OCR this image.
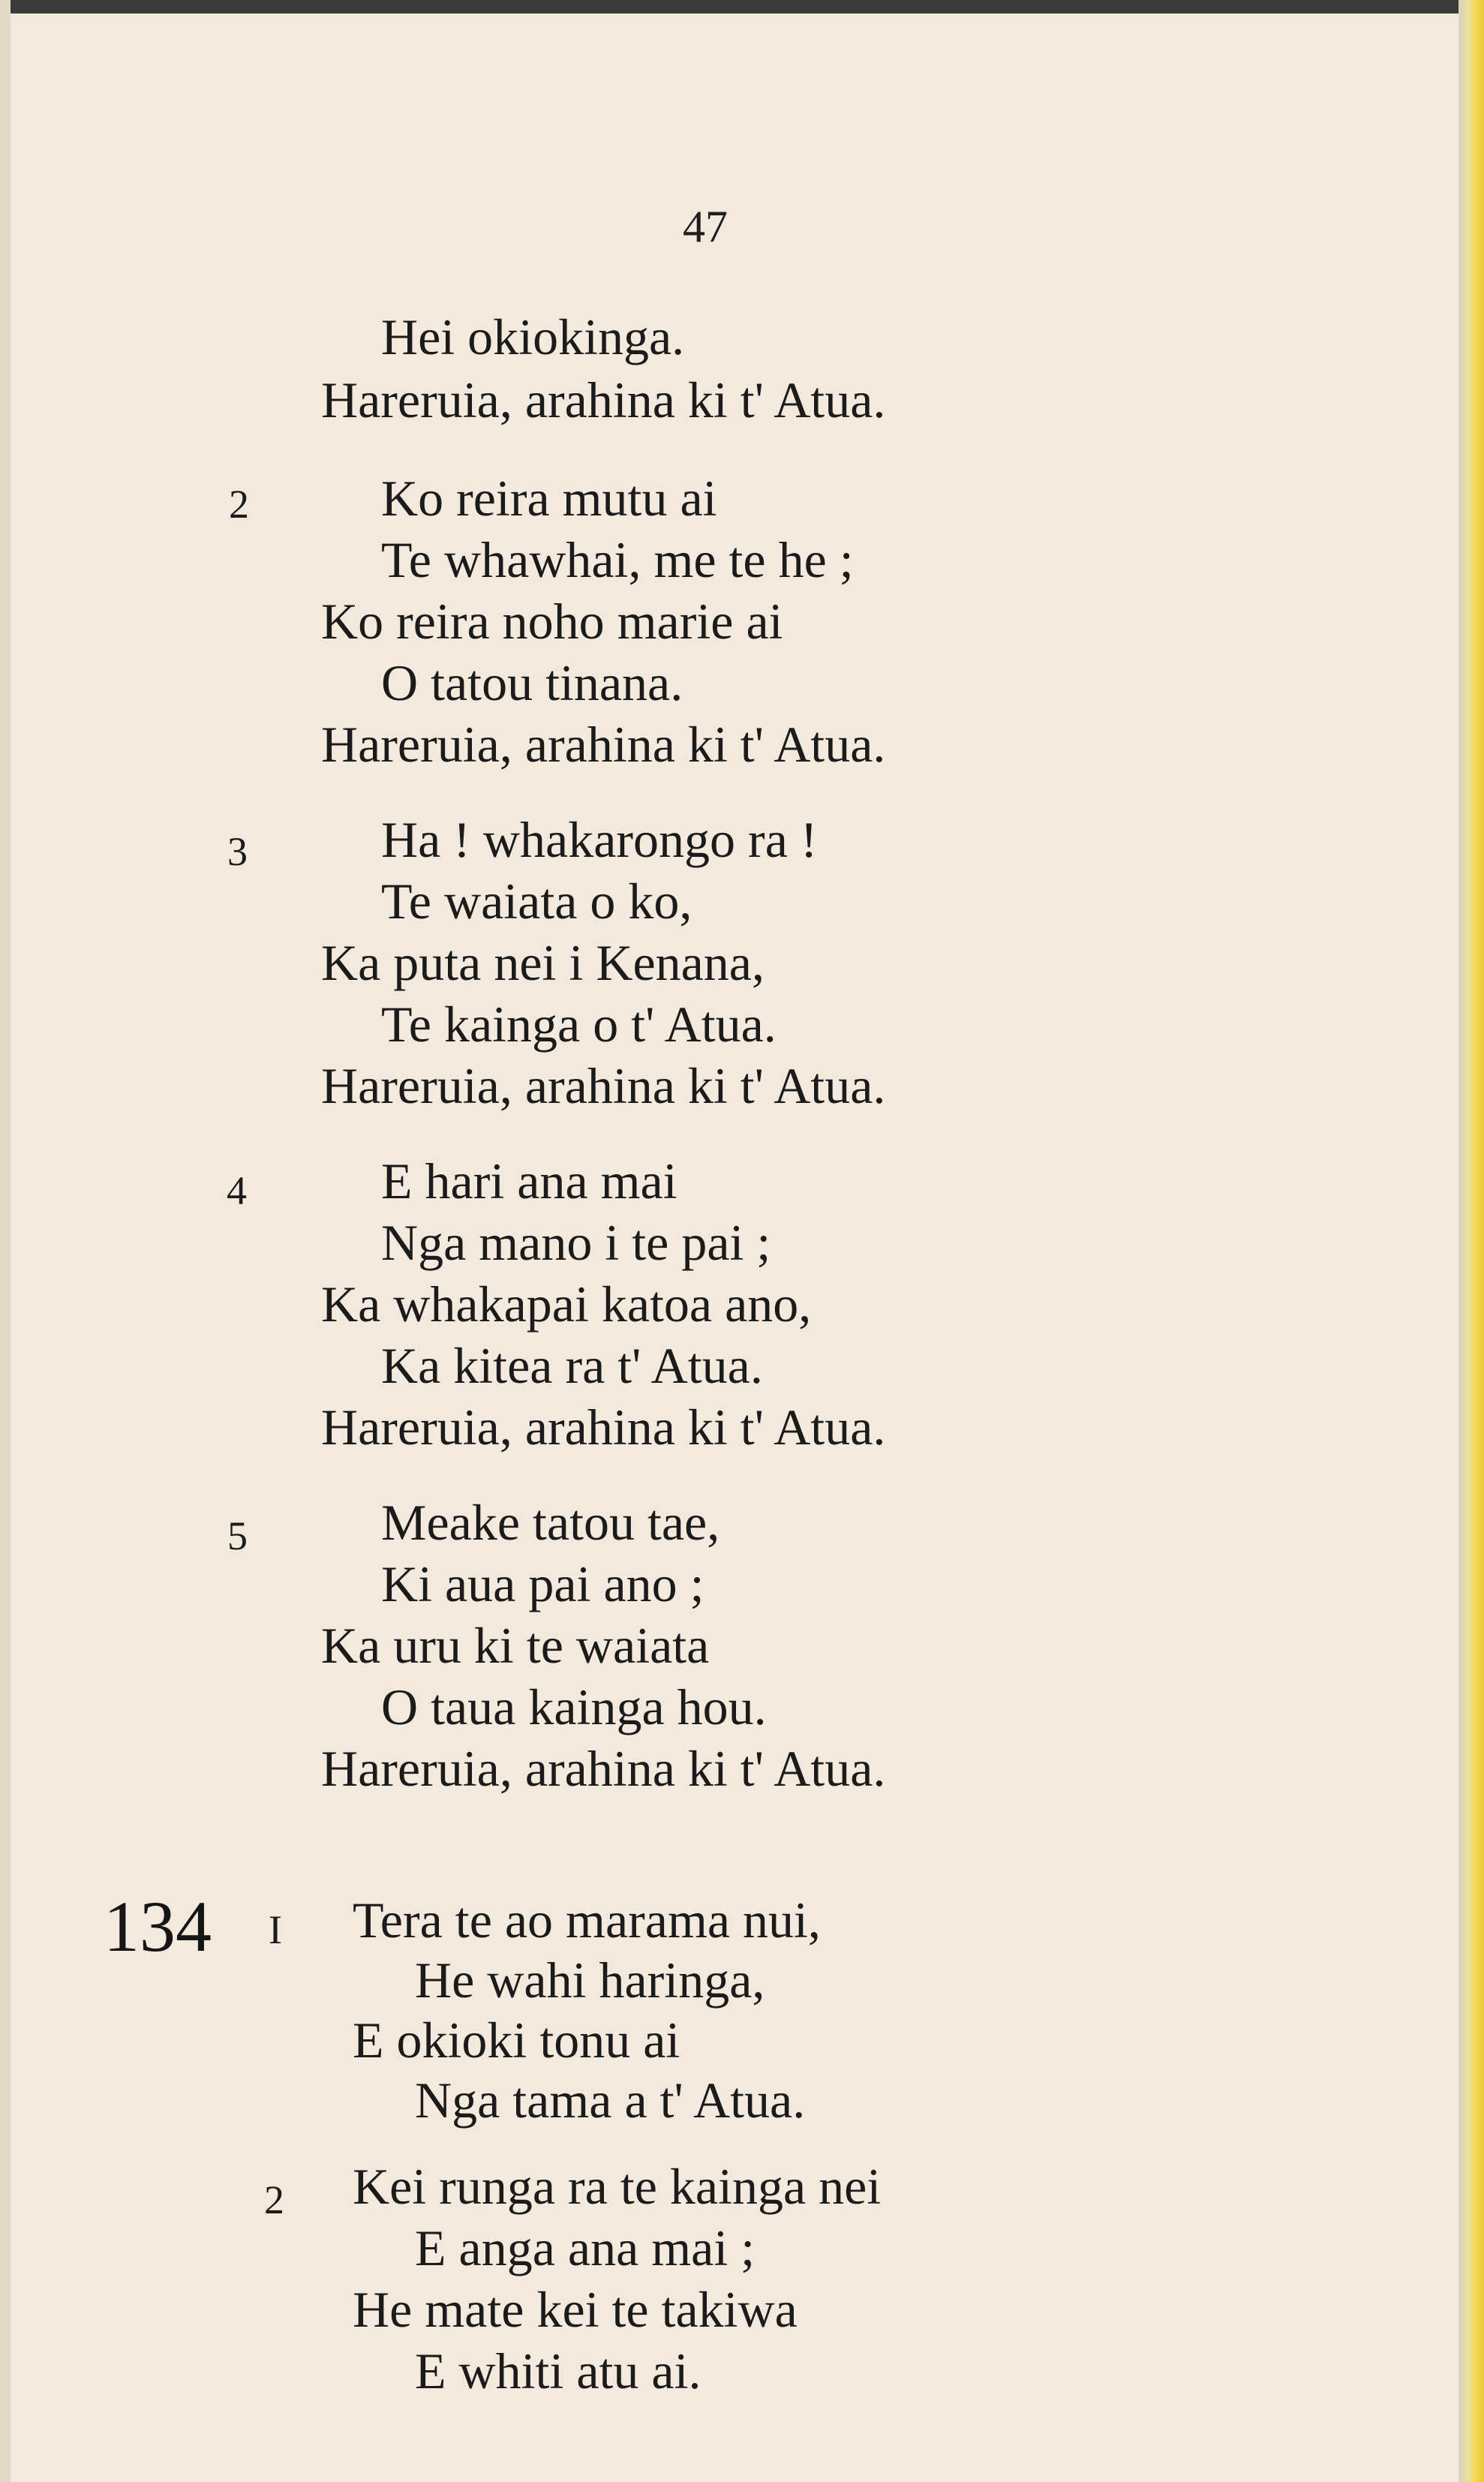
47
Hei okiokinga.
Hareruia, arahina ki t' Atua.
2	Ko reira mutu ai
Te whawhai, me te he ;
Ko reira noho marie ai
O tatou tinana.
Hareruia, arahina ki t' Atua.
3	Ha ! whakarongo ra !
Te waiata o ko,
Ka puta nei i Kenana,
Te kainga o t' Atua.
Hareruia, arahina ki t' Atua.
4	E hari ana mai
Nga mano i te pai ;
Ka whakapai katoa ano,
Ka kitea ra t' Atua.
Hareruia, arahina ki t' Atua.
5	Meake tatou tae,
Ki aua pai ano ;
Ka uru ki te waiata
O taua kainga hou.
Hareruia, arahina ki t' Atua.
134 I Tera te ao marama nui,
He wahi haringa,
E okioki tonu ai
Nga tama a t' Atua.
2 Kei runga ra te kainga nei
E anga ana mai ;
He mate kei te takiwa
E whiti atu ai.
